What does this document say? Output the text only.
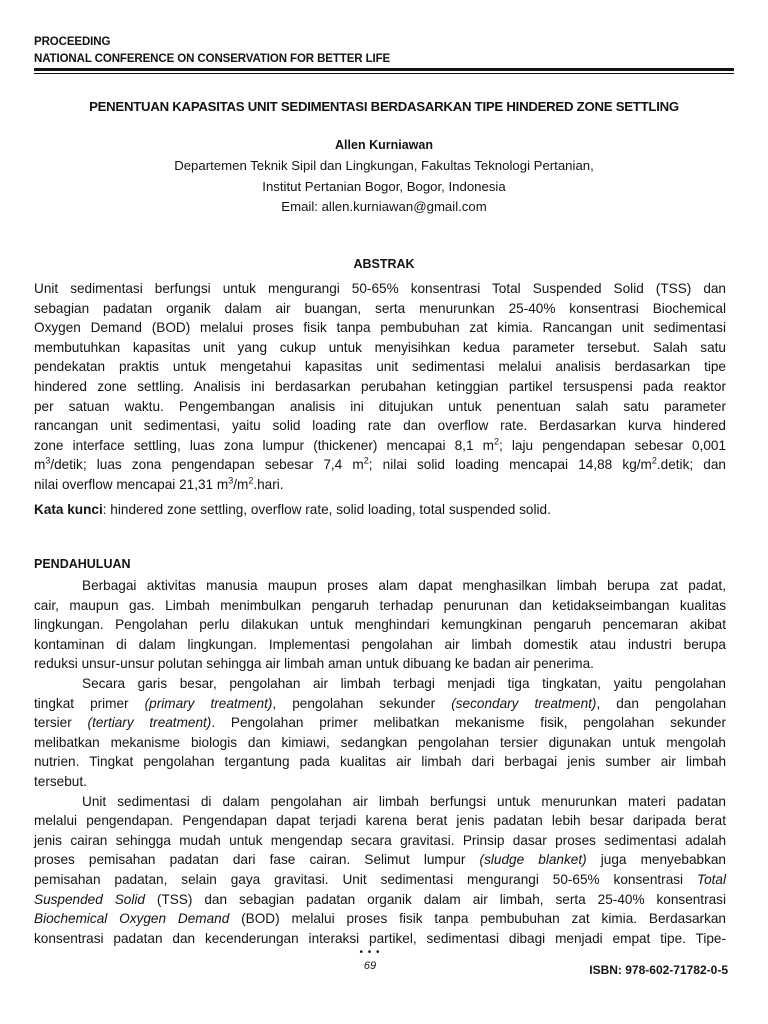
PROCEEDING
NATIONAL CONFERENCE ON CONSERVATION FOR BETTER LIFE
PENENTUAN KAPASITAS UNIT SEDIMENTASI BERDASARKAN TIPE HINDERED ZONE SETTLING
Allen Kurniawan
Departemen Teknik Sipil dan Lingkungan, Fakultas Teknologi Pertanian,
Institut Pertanian Bogor, Bogor, Indonesia
Email: allen.kurniawan@gmail.com
ABSTRAK
Unit sedimentasi berfungsi untuk mengurangi 50-65% konsentrasi Total Suspended Solid (TSS) dan
sebagian padatan organik dalam air buangan, serta menurunkan 25-40% konsentrasi Biochemical
Oxygen Demand (BOD) melalui proses fisik tanpa pembubuhan zat kimia. Rancangan unit sedimentasi
membutuhkan kapasitas unit yang cukup untuk menyisihkan kedua parameter tersebut. Salah satu
pendekatan praktis untuk mengetahui kapasitas unit sedimentasi melalui analisis berdasarkan tipe
hindered zone settling. Analisis ini berdasarkan perubahan ketinggian partikel tersuspensi pada reaktor
per satuan waktu. Pengembangan analisis ini ditujukan untuk penentuan salah satu parameter
rancangan unit sedimentasi, yaitu solid loading rate dan overflow rate. Berdasarkan kurva hindered
zone interface settling, luas zona lumpur (thickener) mencapai 8,1 $m^2$; laju pengendapan sebesar 0,001
$m^3$/detik; luas zona pengendapan sebesar 7,4 $m^2$; nilai solid loading mencapai 14,88 $kg/m^2.detik$; dan
nilai overflow mencapai 21,31 $m^3/m^2.hari$.
Kata kunci: hindered zone settling, overflow rate, solid loading, total suspended solid.
PENDAHULUAN
Berbagai aktivitas manusia maupun proses alam dapat menghasilkan limbah berupa zat padat,
cair, maupun gas. Limbah menimbulkan pengaruh terhadap penurunan dan ketidakseimbangan kualitas
lingkungan. Pengolahan perlu dilakukan untuk menghindari kemungkinan pengaruh pencemaran akibat
kontaminan di dalam lingkungan. Implementasi pengolahan air limbah domestik atau industri berupa
reduksi unsur-unsur polutan sehingga air limbah aman untuk dibuang ke badan air penerima.
Secara garis besar, pengolahan air limbah terbagi menjadi tiga tingkatan, yaitu pengolahan
tingkat primer (primary treatment), pengolahan sekunder (secondary treatment), dan pengolahan
tersier (tertiary treatment). Pengolahan primer melibatkan mekanisme fisik, pengolahan sekunder
melibatkan mekanisme biologis dan kimiawi, sedangkan pengolahan tersier digunakan untuk mengolah
nutrien. Tingkat pengolahan tergantung pada kualitas air limbah dari berbagai jenis sumber air limbah
tersebut.
Unit sedimentasi di dalam pengolahan air limbah berfungsi untuk menurunkan materi padatan
melalui pengendapan. Pengendapan dapat terjadi karena berat jenis padatan lebih besar daripada berat
jenis cairan sehingga mudah untuk mengendap secara gravitasi. Prinsip dasar proses sedimentasi adalah
proses pemisahan padatan dari fase cairan. Selimut lumpur (sludge blanket) juga menyebabkan
pemisahan padatan, selain gaya gravitasi. Unit sedimentasi mengurangi 50-65% konsentrasi Total
Suspended Solid (TSS) dan sebagian padatan organik dalam air limbah, serta 25-40% konsentrasi
Biochemical Oxygen Demand (BOD) melalui proses fisik tanpa pembubuhan zat kimia. Berdasarkan
konsentrasi padatan dan kecenderungan interaksi partikel, sedimentasi dibagi menjadi empat tipe. Tipe-
• • •
69	ISBN: 978-602-71782-0-5
